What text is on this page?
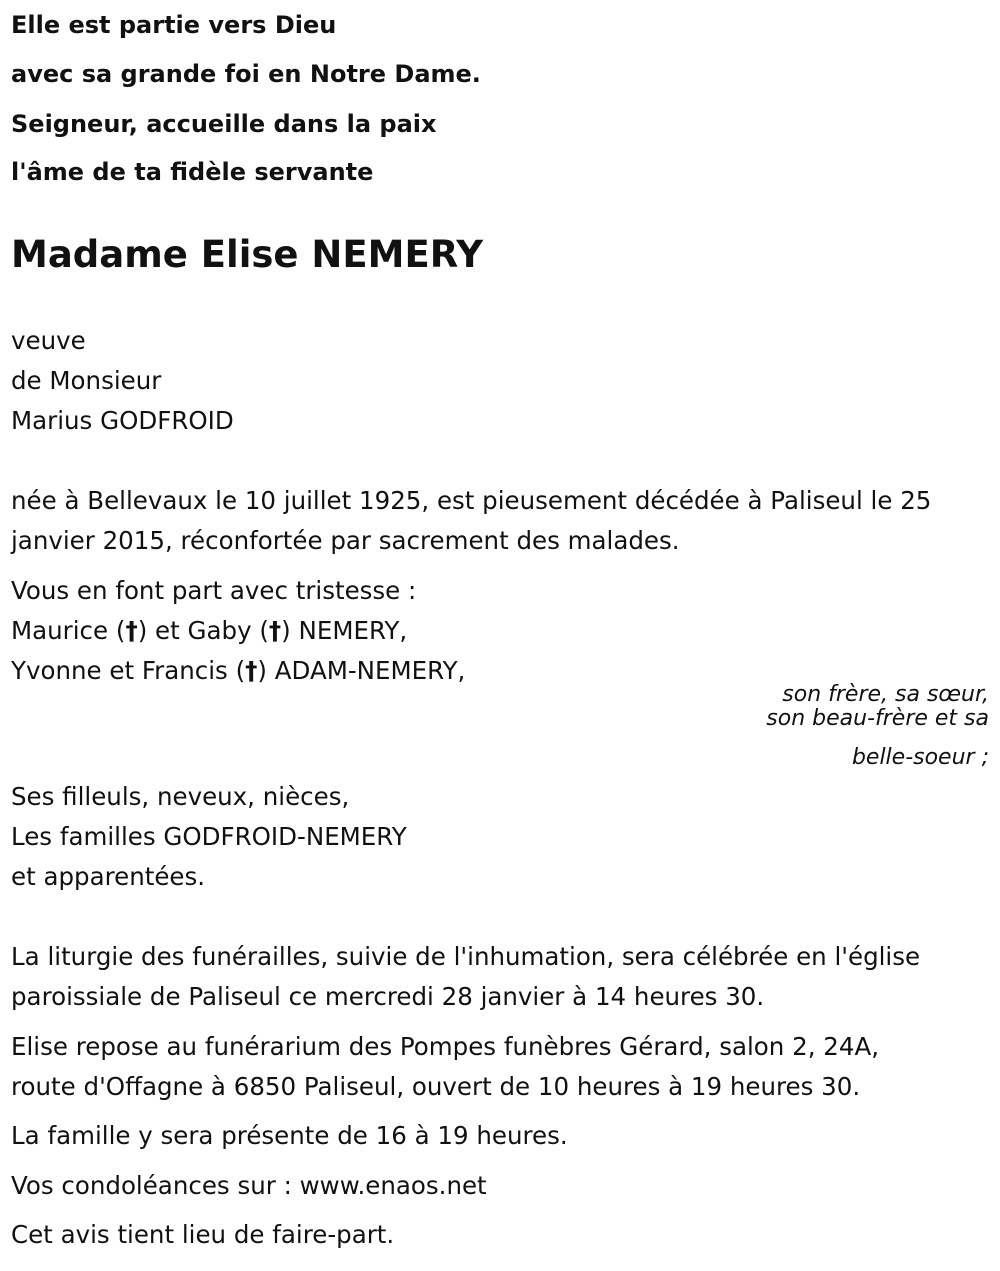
Elle est partie vers Dieu

avec sa grande foi en Notre Dame.

Seigneur, accueille dans la paix

l'âme de ta fidèle servante

Madame Elise NEMERY

veuve

de Monsieur

Marius GODFROID

née à Bellevaux le 10 juillet 1925, est pieusement décédée à Paliseul le 25

janvier 2015, réconfortée par sacrement des malades.

Vous en font part avec tristesse :

Maurice (†) et Gaby (†) NEMERY,

Yvonne et Francis (†) ADAM-NEMERY,

son frère, sa sœur,

son beau-frère et sa

belle-soeur ;

Ses filleuls, neveux, nièces,

Les familles GODFROID-NEMERY

et apparentées.

La liturgie des funérailles, suivie de l'inhumation, sera célébrée en l'église

paroissiale de Paliseul ce mercredi 28 janvier à 14 heures 30.

Elise repose au funérarium des Pompes funèbres Gérard, salon 2, 24A,

route d'Offagne à 6850 Paliseul, ouvert de 10 heures à 19 heures 30.

La famille y sera présente de 16 à 19 heures.

Vos condoléances sur : www.enaos.net

Cet avis tient lieu de faire-part.
